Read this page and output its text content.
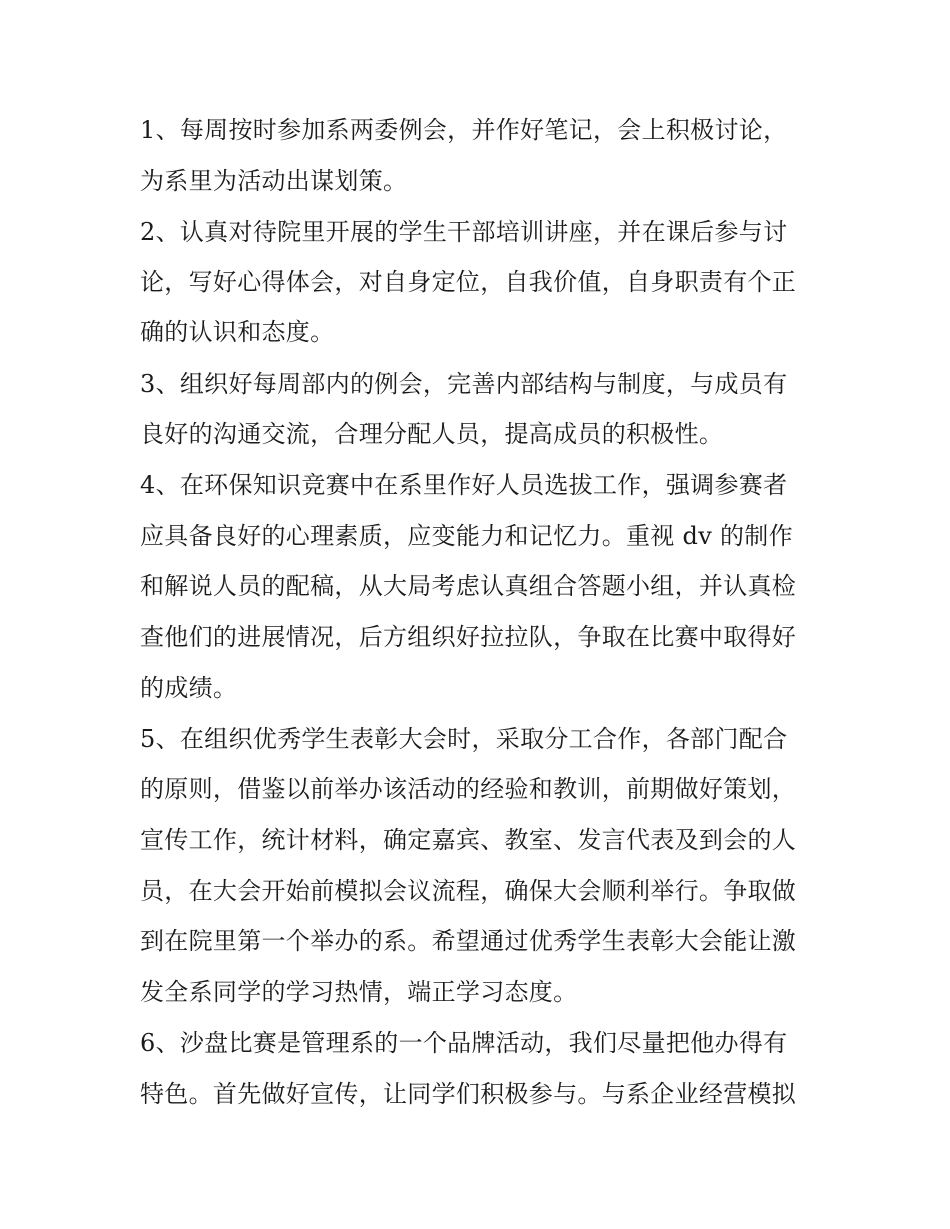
1、每周按时参加系两委例会，并作好笔记，会上积极讨论，
为系里为活动出谋划策。
2、认真对待院里开展的学生干部培训讲座，并在课后参与讨
论，写好心得体会，对自身定位，自我价值，自身职责有个正
确的认识和态度。
3、组织好每周部内的例会，完善内部结构与制度，与成员有
良好的沟通交流，合理分配人员，提高成员的积极性。
4、在环保知识竞赛中在系里作好人员选拔工作，强调参赛者
应具备良好的心理素质，应变能力和记忆力。重视 dv 的制作
和解说人员的配稿，从大局考虑认真组合答题小组，并认真检
查他们的进展情况，后方组织好拉拉队，争取在比赛中取得好
的成绩。
5、在组织优秀学生表彰大会时，采取分工合作，各部门配合
的原则，借鉴以前举办该活动的经验和教训，前期做好策划，
宣传工作，统计材料，确定嘉宾、教室、发言代表及到会的人
员，在大会开始前模拟会议流程，确保大会顺利举行。争取做
到在院里第一个举办的系。希望通过优秀学生表彰大会能让激
发全系同学的学习热情，端正学习态度。
6、沙盘比赛是管理系的一个品牌活动，我们尽量把他办得有
特色。首先做好宣传，让同学们积极参与。与系企业经营模拟
